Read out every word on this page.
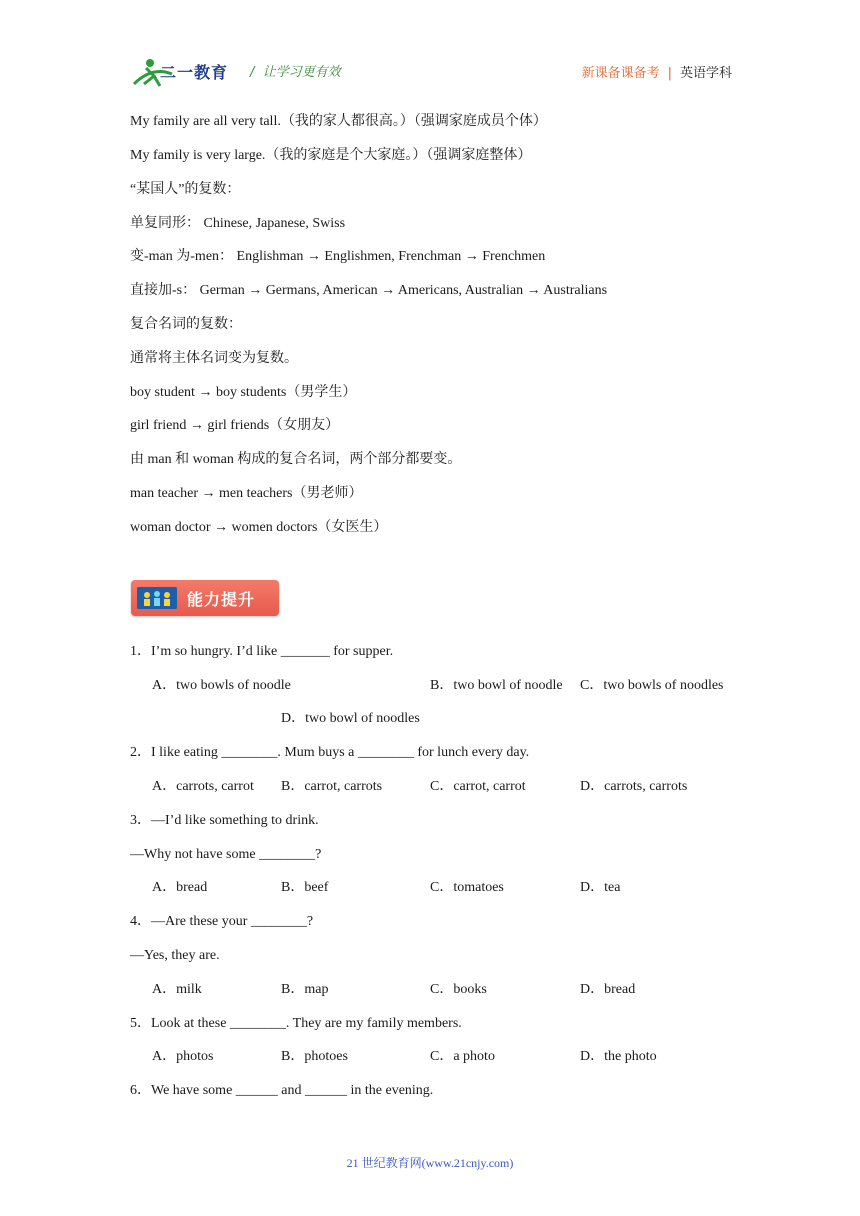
二一教育 /  让学习更有效	新课备课备考 | 英语学科
My family are all very tall.（我的家人都很高。）（强调家庭成员个体）
My family is very large.（我的家庭是个大家庭。）（强调家庭整体）
“某国人”的复数：
单复同形： Chinese, Japanese, Swiss
变-man 为-men： Englishman → Englishmen, Frenchman → Frenchmen
直接加-s： German → Germans, American → Americans, Australian → Australians
复合名词的复数：
通常将主体名词变为复数。
boy student → boy students（男学生）
girl friend → girl friends（女朋友）
由 man 和 woman 构成的复合名词，两个部分都要变。
man teacher → men teachers（男老师）
woman doctor → women doctors（女医生）
能力提升
1．I’m so hungry. I’d like _______ for supper.
A．two bowls of noodle	B．two bowl of noodle C．two bowls of noodles
D．two bowl of noodles
2．I like eating ________. Mum buys a ________ for lunch every day.
A．carrots, carrot B．carrot, carrots	C．carrot, carrot	D．carrots, carrots
3．—I’d like something to drink.
—Why not have some ________?
A．bread	B．beef	C．tomatoes	D．tea
4．—Are these your ________?
—Yes, they are.
A．milk	B．map	C．books	D．bread
5．Look at these ________. They are my family members.
A．photos	B．photoes	C．a photo	D．the photo
6．We have some ______ and ______ in the evening.
21 世纪教育网(www.21cnjy.com)
